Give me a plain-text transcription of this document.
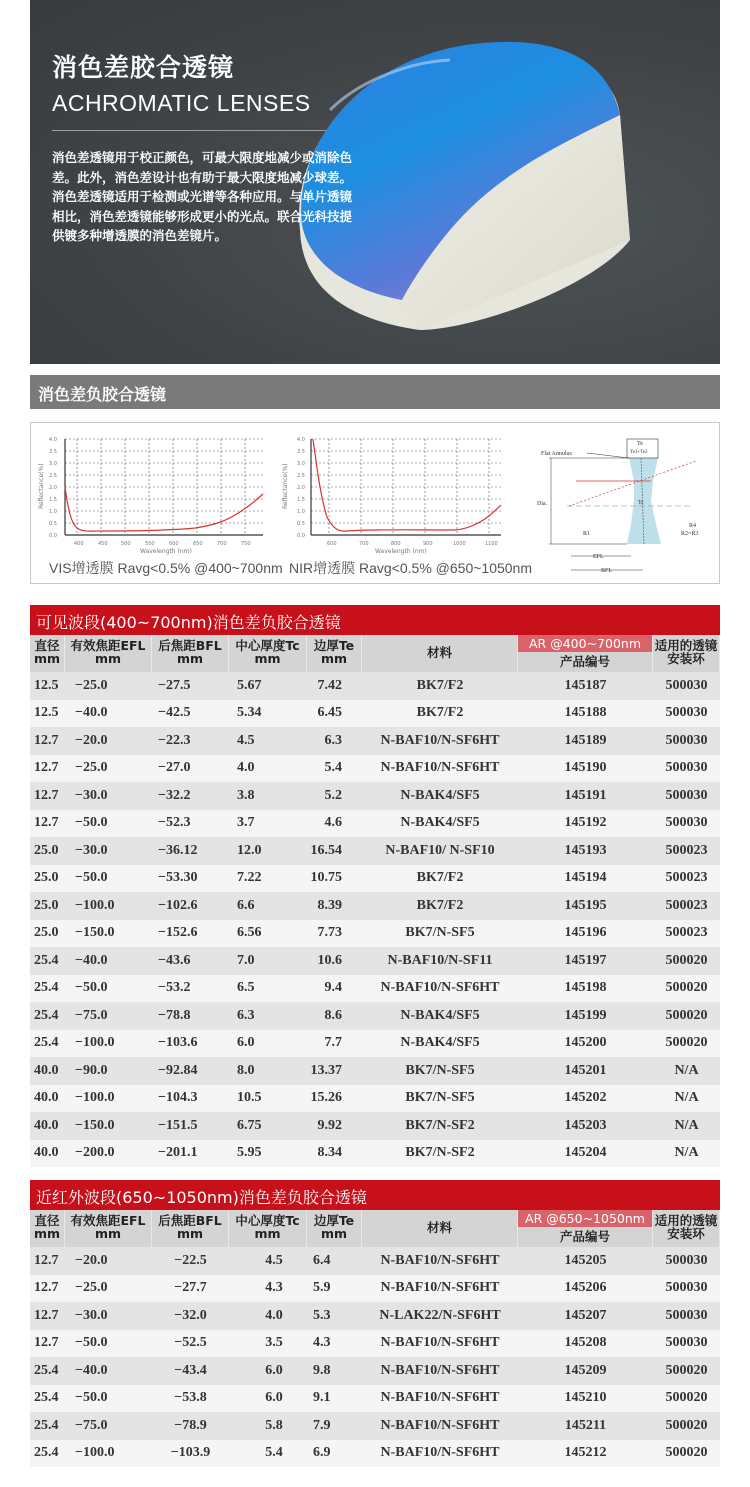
消色差胶合透镜
ACHROMATIC LENSES
消色差透镜用于校正颜色，可最大限度地减少或消除色差。此外，消色差设计也有助于最大限度地减少球差。　消色差透镜适用于检测或光谱等各种应用。与单片透镜相比，消色差透镜能够形成更小的光点。联合光科技提供镀多种增透膜的消色差镜片。
消色差负胶合透镜
4.0
3.5
3.0
2.5
2.0
1.5
1.0
0.5
0.0
400	450	500	550	600	650	700	750
Wavelength (nm)
Reflectance(%)
VIS增透膜 Ravg<0.5% @400~700nm
4.0
3.5
3.0
2.5
2.0
1.5
1.0
0.5
0.0
600	700	800	900	1000	1100
Wavelength (nm)
Reflectance(%)
NIR增透膜 Ravg<0.5% @650~1050nm
Te
Te1+Te2
Flat Annulus
Dia.	Tc
R1	R2=R3
R4
EFL
BFL
可见波段(400~700nm)消色差负胶合透镜
直径
mm
有效焦距EFL
mm
后焦距BFL
mm
中心厚度Tc
mm
边厚Te
mm	材料
AR @400~700nm
产品编号
适用的透镜
安装环
12.5	−25.0	−27.5	5.67	7.42	BK7/F2	145187	500030
12.5	−40.0	−42.5	5.34	6.45	BK7/F2	145188	500030
12.7	−20.0	−22.3	4.5	6.3	N-BAF10/N-SF6HT	145189	500030
12.7	−25.0	−27.0	4.0	5.4	N-BAF10/N-SF6HT	145190	500030
12.7	−30.0	−32.2	3.8	5.2	N-BAK4/SF5	145191	500030
12.7	−50.0	−52.3	3.7	4.6	N-BAK4/SF5	145192	500030
25.0	−30.0	−36.12	12.0	16.54	N-BAF10/ N-SF10	145193	500023
25.0	−50.0	−53.30	7.22	10.75	BK7/F2	145194	500023
25.0	−100.0	−102.6	6.6	8.39	BK7/F2	145195	500023
25.0	−150.0	−152.6	6.56	7.73	BK7/N-SF5	145196	500023
25.4	−40.0	−43.6	7.0	10.6	N-BAF10/N-SF11	145197	500020
25.4	−50.0	−53.2	6.5	9.4	N-BAF10/N-SF6HT	145198	500020
25.4	−75.0	−78.8	6.3	8.6	N-BAK4/SF5	145199	500020
25.4	−100.0	−103.6	6.0	7.7	N-BAK4/SF5	145200	500020
40.0	−90.0	−92.84	8.0	13.37	BK7/N-SF5	145201	N/A
40.0	−100.0	−104.3	10.5	15.26	BK7/N-SF5	145202	N/A
40.0	−150.0	−151.5	6.75	9.92	BK7/N-SF2	145203	N/A
40.0	−200.0	−201.1	5.95	8.34	BK7/N-SF2	145204	N/A
近红外波段(650~1050nm)消色差负胶合透镜
直径
mm
有效焦距EFL
mm
后焦距BFL
mm
中心厚度Tc
mm
边厚Te
mm	材料
AR @650~1050nm
产品编号
适用的透镜
安装环
12.7	−20.0	−22.5	4.5	6.4	N-BAF10/N-SF6HT	145205	500030
12.7	−25.0	−27.7	4.3	5.9	N-BAF10/N-SF6HT	145206	500030
12.7	−30.0	−32.0	4.0	5.3	N-LAK22/N-SF6HT	145207	500030
12.7	−50.0	−52.5	3.5	4.3	N-BAF10/N-SF6HT	145208	500030
25.4	−40.0	−43.4	6.0	9.8	N-BAF10/N-SF6HT	145209	500020
25.4	−50.0	−53.8	6.0	9.1	N-BAF10/N-SF6HT	145210	500020
25.4	−75.0	−78.9	5.8	7.9	N-BAF10/N-SF6HT	145211	500020
25.4	−100.0	−103.9	5.4	6.9	N-BAF10/N-SF6HT	145212	500020
